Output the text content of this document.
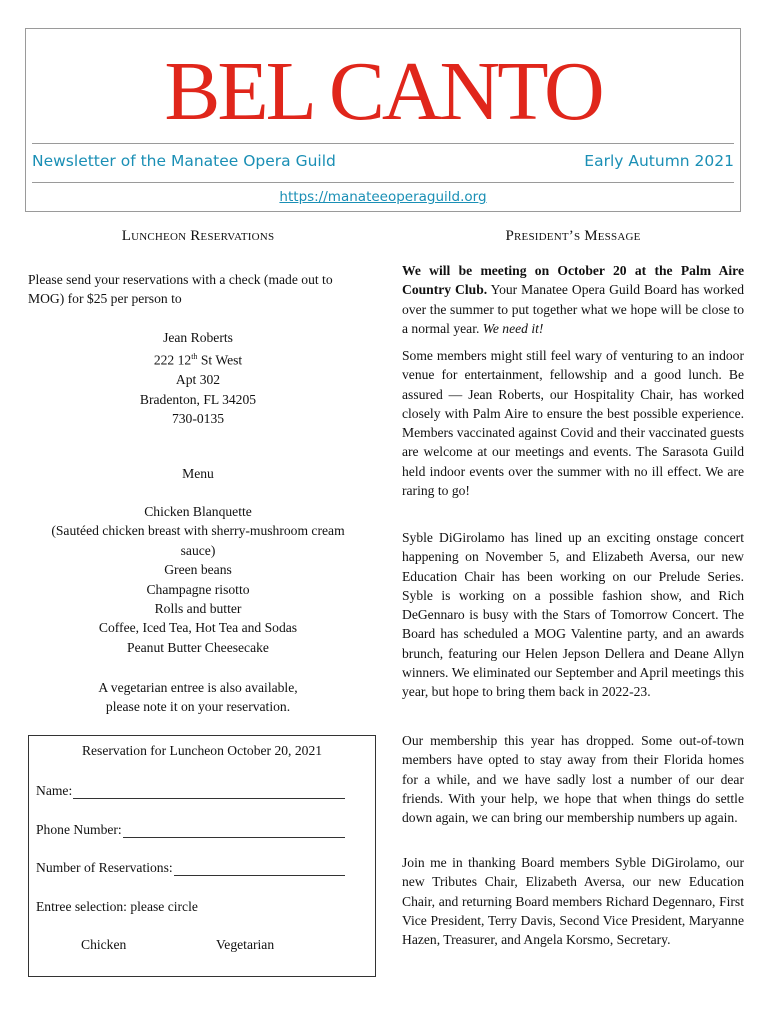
BEL CANTO
Newsletter of the Manatee Opera Guild	Early Autumn 2021
https://manateeoperaguild.org
Luncheon Reservations	President’s Message
Please send your reservations with a check (made out to
MOG) for $25 per person to
Jean Roberts
222 12th St West
Apt 302
Bradenton, FL 34205
730-0135
Menu
Chicken Blanquette
(Sautéed chicken breast with sherry-mushroom cream
sauce)
Green beans
Champagne risotto
Rolls and butter
Coffee, Iced Tea, Hot Tea and Sodas
Peanut Butter Cheesecake
A vegetarian entree is also available,
please note it on your reservation.
Reservation for Luncheon October 20, 2021
Name:
Phone Number:
Number of Reservations:
Entree selection: please circle
Chicken	Vegetarian

We will be meeting on October 20 at the Palm Aire Country Club. Your Manatee Opera Guild Board has worked over the summer to put together what we hope will be close to a normal year. We need it!

Some members might still feel wary of venturing to an indoor venue for entertainment, fellowship and a good lunch. Be assured — Jean Roberts, our Hospitality Chair, has worked closely with Palm Aire to ensure the best possible experience. Members vaccinated against Covid and their vaccinated guests are welcome at our meetings and events. The Sarasota Guild held indoor events over the summer with no ill effect. We are raring to go!

Syble DiGirolamo has lined up an exciting onstage concert happening on November 5, and Elizabeth Aversa, our new Education Chair has been working on our Prelude Series. Syble is working on a possible fashion show, and Rich DeGennaro is busy with the Stars of Tomorrow Concert. The Board has scheduled a MOG Valentine party, and an awards brunch, featuring our Helen Jepson Dellera and Deane Allyn winners. We eliminated our September and April meetings this year, but hope to bring them back in 2022-23.

Our membership this year has dropped. Some out-of-town members have opted to stay away from their Florida homes for a while, and we have sadly lost a number of our dear friends. With your help, we hope that when things do settle down again, we can bring our membership numbers up again.

Join me in thanking Board members Syble DiGirolamo, our new Tributes Chair, Elizabeth Aversa, our new Education Chair, and returning Board members Richard Degennaro, First Vice President, Terry Davis, Second Vice President, Maryanne Hazen, Treasurer, and Angela Korsmo, Secretary.
